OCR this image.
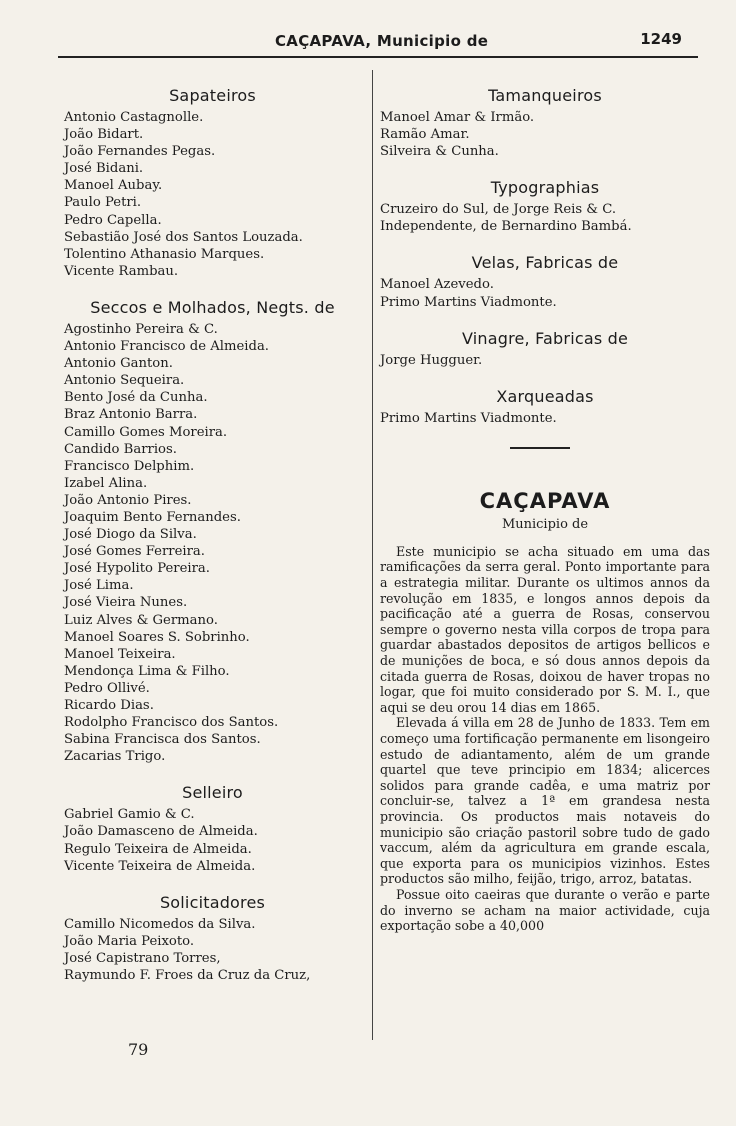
CAÇAPAVA, Municipio de	1249
Sapateiros
Antonio Castagnolle.
João Bidart.
João Fernandes Pegas.
José Bidani.
Manoel Aubay.
Paulo Petri.
Pedro Capella.
Sebastião José dos Santos Louzada.
Tolentino Athanasio Marques.
Vicente Rambau.
Seccos e Molhados, Negts. de
Agostinho Pereira & C.
Antonio Francisco de Almeida.
Antonio Ganton.
Antonio Sequeira.
Bento José da Cunha.
Braz Antonio Barra.
Camillo Gomes Moreira.
Candido Barrios.
Francisco Delphim.
Izabel Alina.
João Antonio Pires.
Joaquim Bento Fernandes.
José Diogo da Silva.
José Gomes Ferreira.
José Hypolito Pereira.
José Lima.
José Vieira Nunes.
Luiz Alves & Germano.
Manoel Soares S. Sobrinho.
Manoel Teixeira.
Mendonça Lima & Filho.
Pedro Ollivé.
Ricardo Dias.
Rodolpho Francisco dos Santos.
Sabina Francisca dos Santos.
Zacarias Trigo.
Selleiro
Gabriel Gamio & C.
João Damasceno de Almeida.
Regulo Teixeira de Almeida.
Vicente Teixeira de Almeida.
Solicitadores
Camillo Nicomedos da Silva.
João Maria Peixoto.
José Capistrano Torres,
Raymundo F. Froes da Cruz da Cruz,
Tamanqueiros
Manoel Amar & Irmão.
Ramão Amar.
Silveira & Cunha.
Typographias
Cruzeiro do Sul, de Jorge Reis & C.
Independente, de Bernardino Bambá.
Velas, Fabricas de
Manoel Azevedo.
Primo Martins Viadmonte.
Vinagre, Fabricas de
Jorge Hugguer.
Xarqueadas
Primo Martins Viadmonte.
CAÇAPAVA
Municipio de

Este municipio se acha situado em uma das ramificações da serra geral. Ponto importante para a estrategia militar. Durante os ultimos annos da revolução em 1835, e longos annos depois da pacificação até a guerra de Rosas, conservou sempre o governo nesta villa corpos de tropa para guardar abastados depositos de artigos bellicos e de munições de boca, e só dous annos depois da citada guerra de Rosas, doixou de haver tropas no logar, que foi muito considerado por S. M. I., que aqui se deu orou 14 dias em 1865.

Elevada á villa em 28 de Junho de 1833. Tem em começo uma fortificação permanente em lisongeiro estudo de adiantamento, além de um grande quartel que teve principio em 1834; alicerces solidos para grande cadêa, e uma matriz por concluir-se, talvez a 1ª em grandesa nesta provincia. Os productos mais notaveis do municipio são criação pastoril sobre tudo de gado vaccum, além da agricultura em grande escala, que exporta para os municipios vizinhos. Estes productos são milho, feijão, trigo, arroz, batatas.

Possue oito caeiras que durante o verão e parte do inverno se acham na maior actividade, cuja exportação sobe a 40,000

79
